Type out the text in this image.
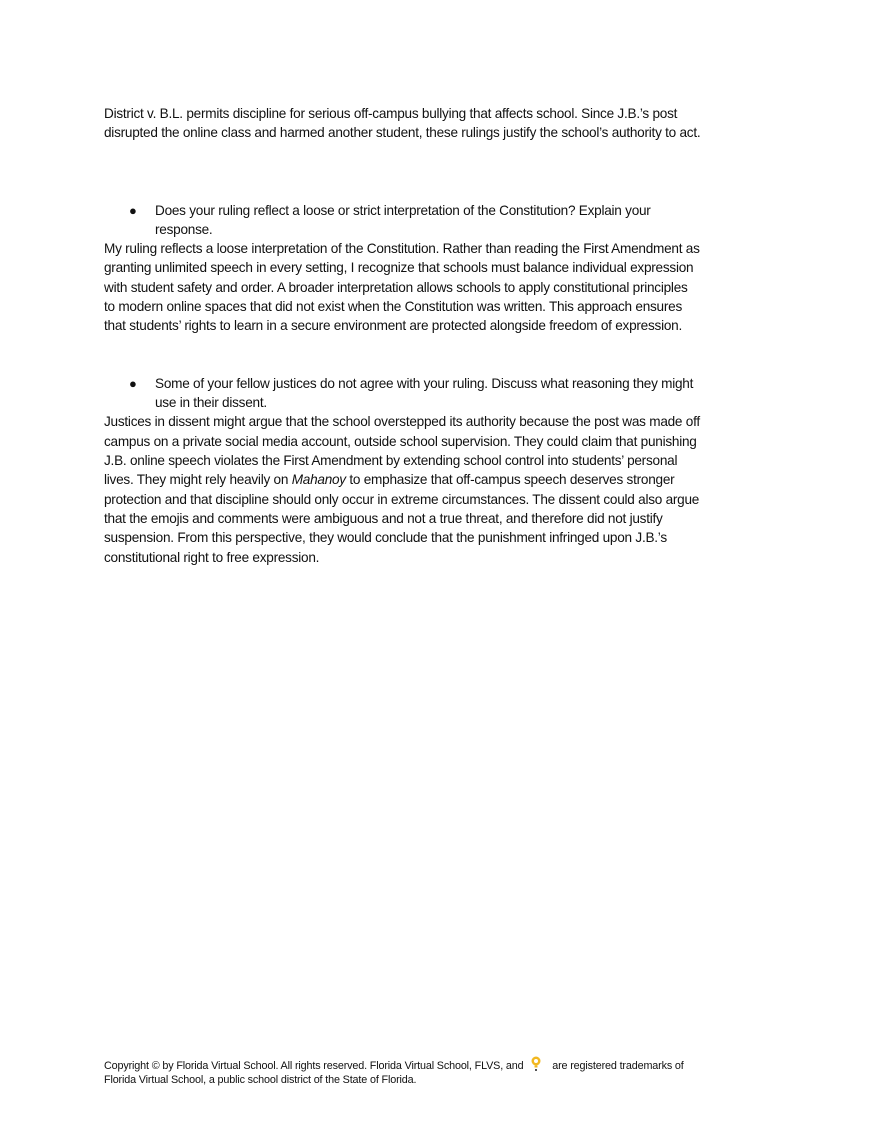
District v. B.L. permits discipline for serious off-campus bullying that affects school. Since J.B.’s post
disrupted the online class and harmed another student, these rulings justify the school’s authority to act.
● Does your ruling reflect a loose or strict interpretation of the Constitution? Explain your
response.
My ruling reflects a loose interpretation of the Constitution. Rather than reading the First Amendment as
granting unlimited speech in every setting, I recognize that schools must balance individual expression
with student safety and order. A broader interpretation allows schools to apply constitutional principles
to modern online spaces that did not exist when the Constitution was written. This approach ensures
that students’ rights to learn in a secure environment are protected alongside freedom of expression.
● Some of your fellow justices do not agree with your ruling. Discuss what reasoning they might
use in their dissent.
Justices in dissent might argue that the school overstepped its authority because the post was made off
campus on a private social media account, outside school supervision. They could claim that punishing
J.B. online speech violates the First Amendment by extending school control into students’ personal
lives. They might rely heavily on Mahanoy to emphasize that off-campus speech deserves stronger
protection and that discipline should only occur in extreme circumstances. The dissent could also argue
that the emojis and comments were ambiguous and not a true threat, and therefore did not justify
suspension. From this perspective, they would conclude that the punishment infringed upon J.B.’s
constitutional right to free expression.
Copyright © by Florida Virtual School. All rights reserved. Florida Virtual School, FLVS, and	are registered trademarks of
Florida Virtual School, a public school district of the State of Florida.
